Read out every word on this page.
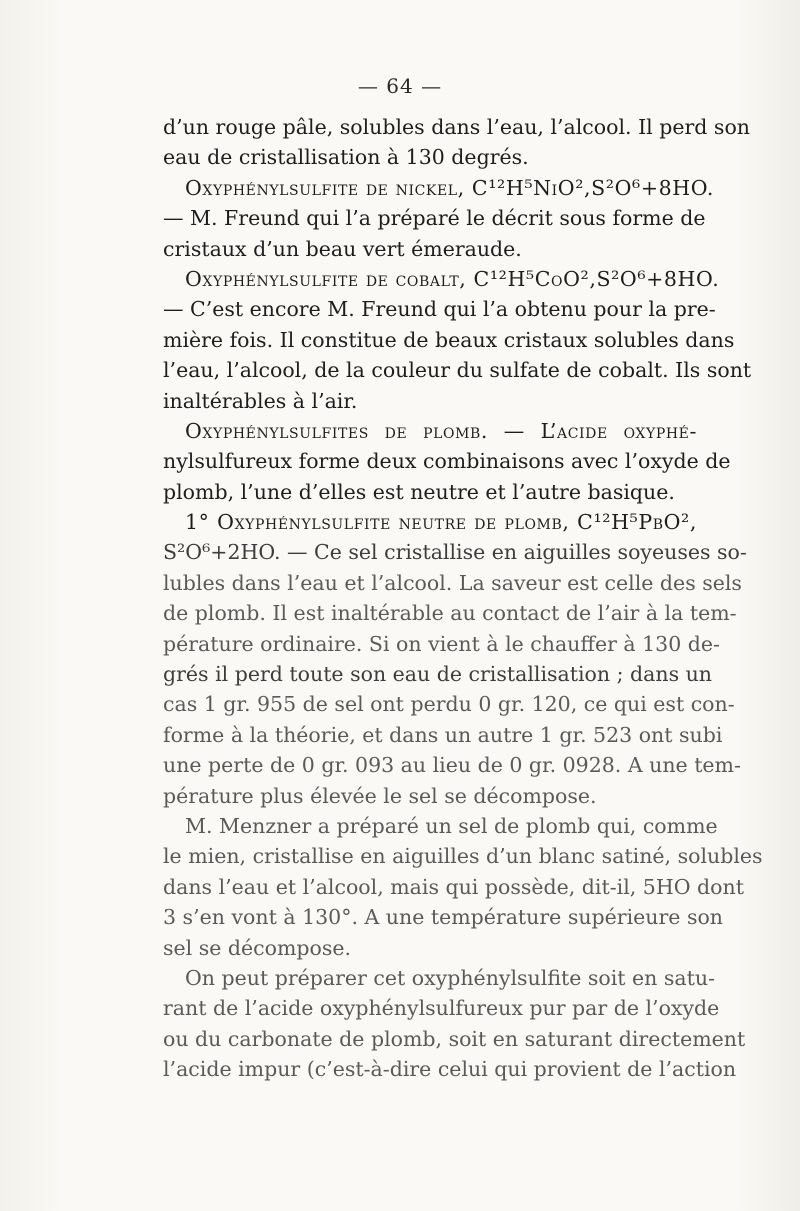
— 64 —
d’un rouge pâle, solubles dans l’eau, l’alcool. Il perd son
eau de cristallisation à 130 degrés.
Oxyphénylsulfite de nickel, C¹²H⁵NiO²,S²O⁶+8HO.
— M. Freund qui l’a préparé le décrit sous forme de
cristaux d’un beau vert émeraude.
Oxyphénylsulfite de cobalt, C¹²H⁵CoO²,S²O⁶+8HO.
— C’est encore M. Freund qui l’a obtenu pour la pre-
mière fois. Il constitue de beaux cristaux solubles dans
l’eau, l’alcool, de la couleur du sulfate de cobalt. Ils sont
inaltérables à l’air.
Oxyphénylsulfites de plomb. — L’acide oxyphé-
nylsulfureux forme deux combinaisons avec l’oxyde de
plomb, l’une d’elles est neutre et l’autre basique.
1° Oxyphénylsulfite neutre de plomb, C¹²H⁵PbO²,
S²O⁶+2HO. — Ce sel cristallise en aiguilles soyeuses so-
lubles dans l’eau et l’alcool. La saveur est celle des sels
de plomb. Il est inaltérable au contact de l’air à la tem-
pérature ordinaire. Si on vient à le chauffer à 130 de-
grés il perd toute son eau de cristallisation ; dans un
cas 1 gr. 955 de sel ont perdu 0 gr. 120, ce qui est con-
forme à la théorie, et dans un autre 1 gr. 523 ont subi
une perte de 0 gr. 093 au lieu de 0 gr. 0928. A une tem-
pérature plus élevée le sel se décompose.
M. Menzner a préparé un sel de plomb qui, comme
le mien, cristallise en aiguilles d’un blanc satiné, solubles
dans l’eau et l’alcool, mais qui possède, dit-il, 5HO dont
3 s’en vont à 130°. A une température supérieure son
sel se décompose.
On peut préparer cet oxyphénylsulfite soit en satu-
rant de l’acide oxyphénylsulfureux pur par de l’oxyde
ou du carbonate de plomb, soit en saturant directement
l’acide impur (c’est-à-dire celui qui provient de l’action
